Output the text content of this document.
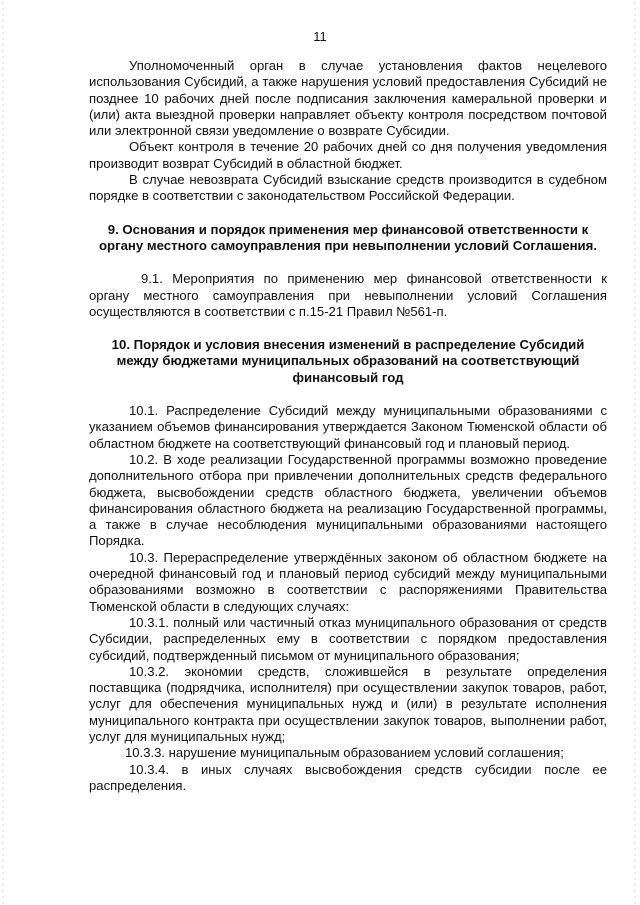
11

Уполномоченный орган в случае установления фактов нецелевого использования Субсидий, а также нарушения условий предоставления Субсидий не позднее 10 рабочих дней после подписания заключения камеральной проверки и (или) акта выездной проверки направляет объекту контроля посредством почтовой или электронной связи уведомление о возврате Субсидии.

Объект контроля в течение 20 рабочих дней со дня получения уведомления производит возврат Субсидий в областной бюджет.

В случае невозврата Субсидий взыскание средств производится в судебном порядке в соответствии с законодательством Российской Федерации.

9. Основания и порядок применения мер финансовой ответственности к органу местного самоуправления при невыполнении условий Соглашения.

9.1. Мероприятия по применению мер финансовой ответственности к органу местного самоуправления при невыполнении условий Соглашения осуществляются в соответствии с п.15-21 Правил №561-п.

10. Порядок и условия внесения изменений в распределение Субсидий между бюджетами муниципальных образований на соответствующий финансовый год

10.1. Распределение Субсидий между муниципальными образованиями с указанием объемов финансирования утверждается Законом Тюменской области об областном бюджете на соответствующий финансовый год и плановый период.

10.2. В ходе реализации Государственной программы возможно проведение дополнительного отбора при привлечении дополнительных средств федерального бюджета, высвобождении средств областного бюджета, увеличении объемов финансирования областного бюджета на реализацию Государственной программы, а также в случае несоблюдения муниципальными образованиями настоящего Порядка.

10.3. Перераспределение утверждённых законом об областном бюджете на очередной финансовый год и плановый период субсидий между муниципальными образованиями возможно в соответствии с распоряжениями Правительства Тюменской области в следующих случаях:

10.3.1. полный или частичный отказ муниципального образования от средств Субсидии, распределенных ему в соответствии с порядком предоставления субсидий, подтвержденный письмом от муниципального образования;

10.3.2. экономии средств, сложившейся в результате определения поставщика (подрядчика, исполнителя) при осуществлении закупок товаров, работ, услуг для обеспечения муниципальных нужд и (или) в результате исполнения муниципального контракта при осуществлении закупок товаров, выполнении работ, услуг для муниципальных нужд;

10.3.3. нарушение муниципальным образованием условий соглашения;

10.3.4. в иных случаях высвобождения средств субсидии после ее распределения.
